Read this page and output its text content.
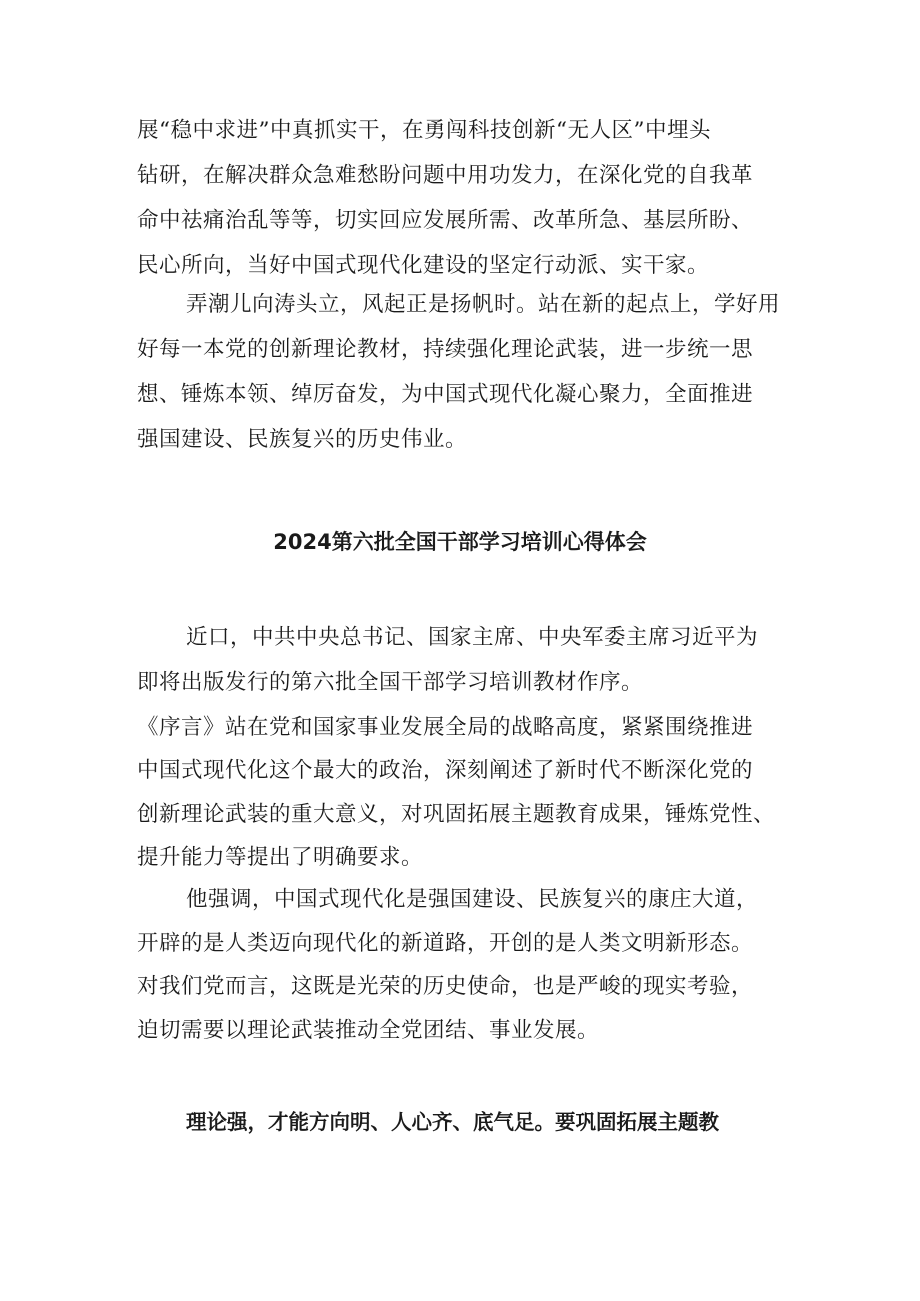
展“稳中求进”中真抓实干，在勇闯科技创新“无人区”中埋头
钻研，在解决群众急难愁盼问题中用功发力，在深化党的自我革
命中祛痛治乱等等，切实回应发展所需、改革所急、基层所盼、
民心所向，当好中国式现代化建设的坚定行动派、实干家。
弄潮儿向涛头立，风起正是扬帆时。站在新的起点上，学好用
好每一本党的创新理论教材，持续强化理论武装，进一步统一思
想、锤炼本领、绰厉奋发，为中国式现代化凝心聚力，全面推进
强国建设、民族复兴的历史伟业。
2024第六批全国干部学习培训心得体会
近口，中共中央总书记、国家主席、中央军委主席习近平为
即将出版发行的第六批全国干部学习培训教材作序。
《序言》站在党和国家事业发展全局的战略高度，紧紧围绕推进
中国式现代化这个最大的政治，深刻阐述了新时代不断深化党的
创新理论武装的重大意义，对巩固拓展主题教育成果，锤炼党性、
提升能力等提出了明确要求。
他强调，中国式现代化是强国建设、民族复兴的康庄大道，
开辟的是人类迈向现代化的新道路，开创的是人类文明新形态。
对我们党而言，这既是光荣的历史使命，也是严峻的现实考验，
迫切需要以理论武装推动全党团结、事业发展。
理论强，才能方向明、人心齐、底气足。要巩固拓展主题教
